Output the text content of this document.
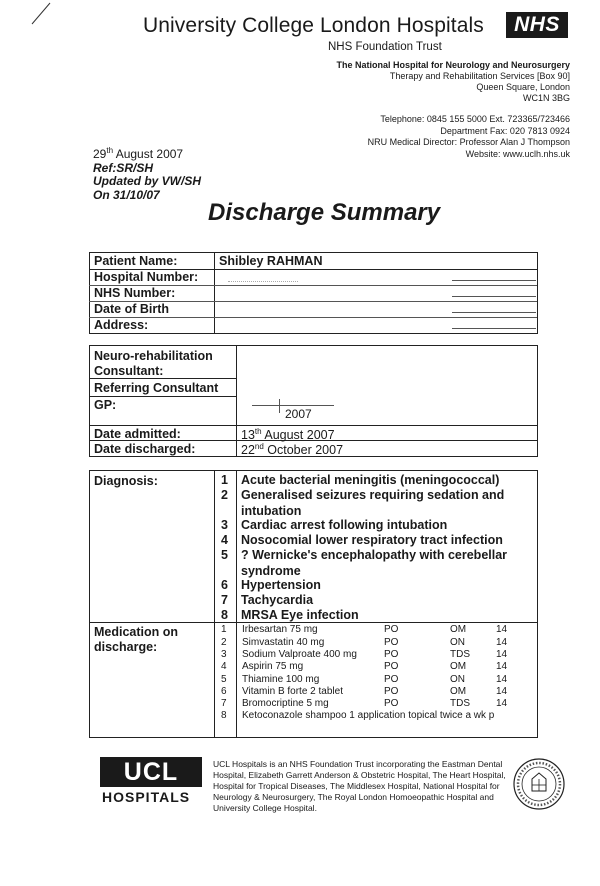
University College London Hospitals	NHS
NHS Foundation Trust
The National Hospital for Neurology and Neurosurgery
Therapy and Rehabilitation Services [Box 90]
Queen Square, London
WC1N 3BG
Telephone: 0845 155 5000 Ext. 723365/723466
Department Fax: 020 7813 0924
NRU Medical Director: Professor Alan J Thompson
Website: www.uclh.nhs.uk
29th August 2007
Ref:SR/SH
Updated by VW/SH
On 31/10/07
Discharge Summary
Patient Name:	Shibley RAHMAN
Hospital Number:
NHS Number:
Date of Birth
Address:
Neuro-rehabilitation
Consultant:
Referring Consultant
GP:
2007
Date admitted:	13th August 2007
Date discharged:	22nd October 2007
Diagnosis:	1 Acute bacterial meningitis (meningococcal)
2 Generalised seizures requiring sedation and intubation
3 Cardiac arrest following intubation
4 Nosocomial lower respiratory tract infection
5 ? Wernicke's encephalopathy with cerebellar syndrome
6 Hypertension
7 Tachycardia
8 MRSA Eye infection
Medication on
discharge:
1 Irbesartan 75 mg	PO	OM	14
2 Simvastatin 40 mg	PO	ON	14
3 Sodium Valproate 400 mg	PO	TDS	14
4 Aspirin 75 mg	PO	OM	14
5 Thiamine 100 mg	PO	ON	14
6 Vitamin B forte 2 tablet	PO	OM	14
7 Bromocriptine 5 mg	PO	TDS	14
8 Ketoconazole shampoo 1 application topical twice a wk p
UCL
HOSPITALS
UCL Hospitals is an NHS Foundation Trust incorporating the Eastman Dental Hospital, Elizabeth Garrett Anderson & Obstetric Hospital, The Heart Hospital, Hospital for Tropical Diseases, The Middlesex Hospital, National Hospital for Neurology & Neurosurgery, The Royal London Homoeopathic Hospital and University College Hospital.
